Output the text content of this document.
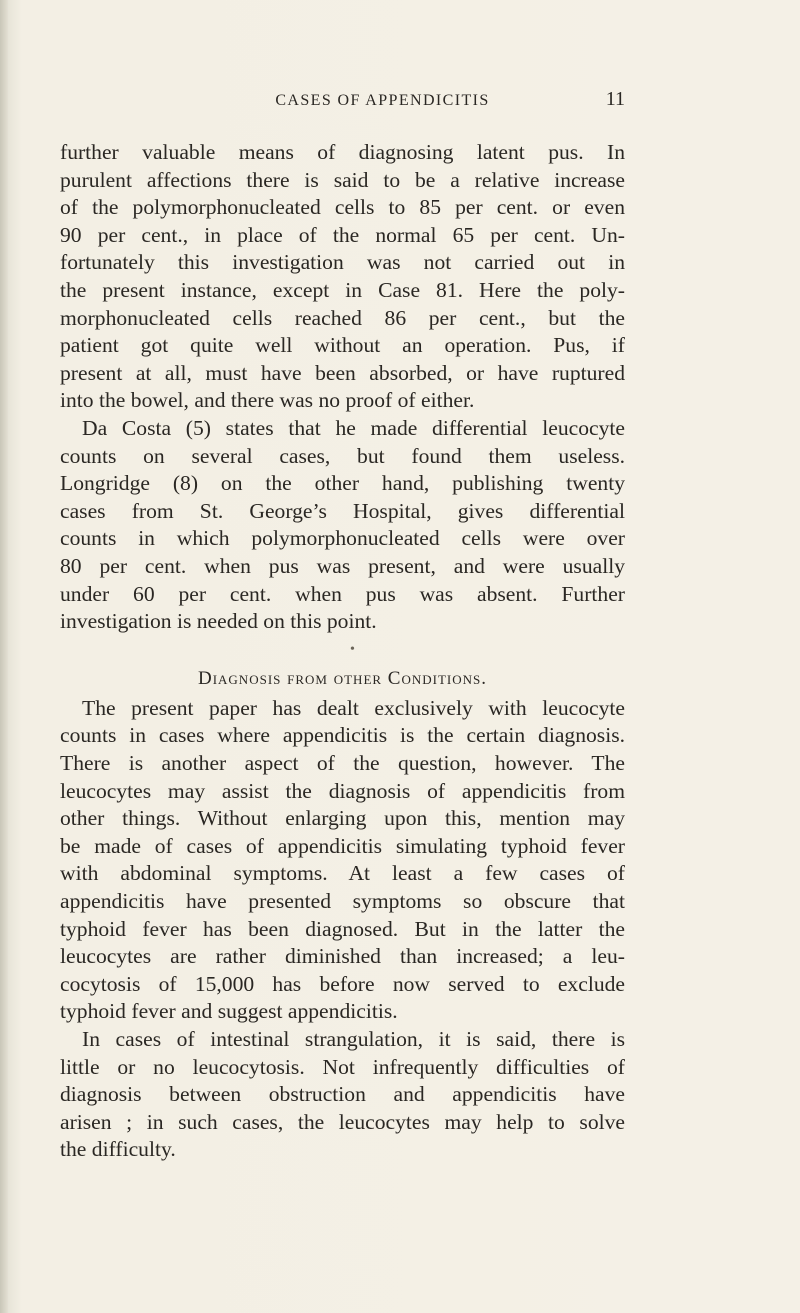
CASES OF APPENDICITIS	11
further valuable means of diagnosing latent pus. In
purulent affections there is said to be a relative increase
of the polymorphonucleated cells to 85 per cent. or even
90 per cent., in place of the normal 65 per cent. Un-
fortunately this investigation was not carried out in
the present instance, except in Case 81. Here the poly-
morphonucleated cells reached 86 per cent., but the
patient got quite well without an operation. Pus, if
present at all, must have been absorbed, or have ruptured
into the bowel, and there was no proof of either.
Da Costa (5) states that he made differential leucocyte
counts on several cases, but found them useless.
Longridge (8) on the other hand, publishing twenty
cases from St. George’s Hospital, gives differential
counts in which polymorphonucleated cells were over
80 per cent. when pus was present, and were usually
under 60 per cent. when pus was absent. Further
investigation is needed on this point.
•
Diagnosis from other Conditions.
The present paper has dealt exclusively with leucocyte
counts in cases where appendicitis is the certain diagnosis.
There is another aspect of the question, however. The
leucocytes may assist the diagnosis of appendicitis from
other things. Without enlarging upon this, mention may
be made of cases of appendicitis simulating typhoid fever
with abdominal symptoms. At least a few cases of
appendicitis have presented symptoms so obscure that
typhoid fever has been diagnosed. But in the latter the
leucocytes are rather diminished than increased; a leu-
cocytosis of 15,000 has before now served to exclude
typhoid fever and suggest appendicitis.
In cases of intestinal strangulation, it is said, there is
little or no leucocytosis. Not infrequently difficulties of
diagnosis between obstruction and appendicitis have
arisen ; in such cases, the leucocytes may help to solve
the difficulty.
